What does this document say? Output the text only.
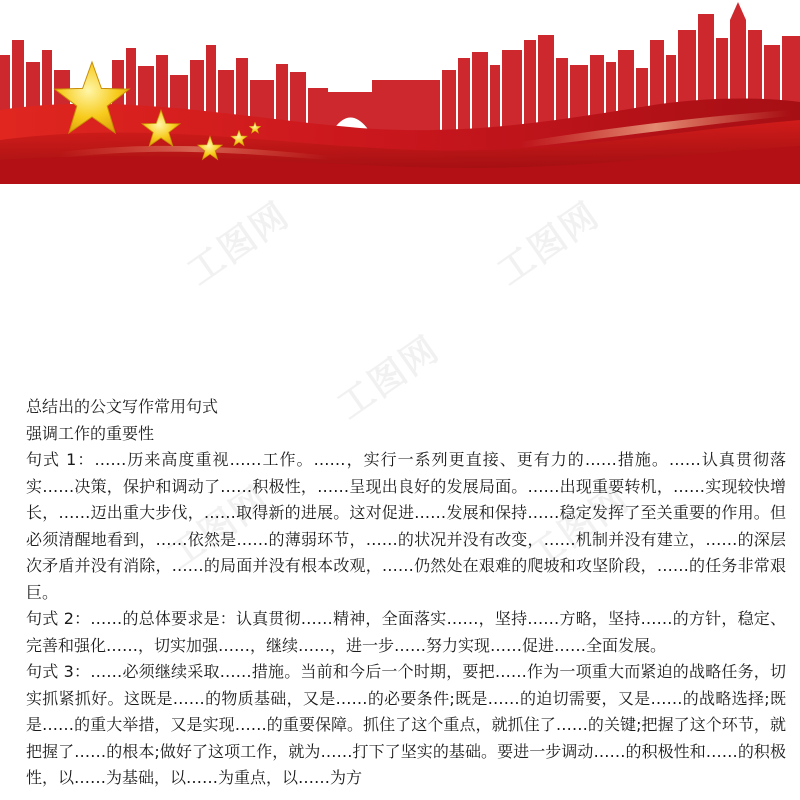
工图网	工图网
工图网
工图网	工图网

总结出的公文写作常用句式

强调工作的重要性

句式 1：……历来高度重视……工作。……，实行一系列更直接、更有力的……措施。……认真贯彻落实……决策，保护和调动了……积极性，……呈现出良好的发展局面。……出现重要转机，……实现较快增长，……迈出重大步伐，……取得新的进展。这对促进……发展和保持……稳定发挥了至关重要的作用。但必须清醒地看到，……依然是……的薄弱环节，……的状况并没有改变，……机制并没有建立，……的深层次矛盾并没有消除，……的局面并没有根本改观，……仍然处在艰难的爬坡和攻坚阶段，……的任务非常艰巨。

句式 2：……的总体要求是：认真贯彻……精神，全面落实……，坚持……方略，坚持……的方针，稳定、完善和强化……，切实加强……，继续……，进一步……努力实现……促进……全面发展。

句式 3：……必须继续采取……措施。当前和今后一个时期，要把……作为一项重大而紧迫的战略任务，切实抓紧抓好。这既是……的物质基础，又是……的必要条件;既是……的迫切需要，又是……的战略选择;既是……的重大举措，又是实现……的重要保障。抓住了这个重点，就抓住了……的关键;把握了这个环节，就把握了……的根本;做好了这项工作，就为……打下了坚实的基础。要进一步调动……的积极性和……的积极性，以……为基础，以……为重点，以……为方
